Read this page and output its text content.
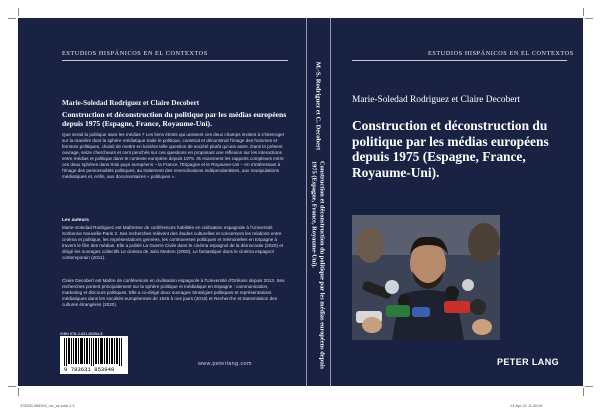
ESTUDIOS HISPÁNICOS EN EL CONTEXTOS
Marie-Soledad Rodriguez et Claire Decobert
Construction et déconstruction du politique par les médias européens depuis 1975 (Espagne, France, Royaume-Uni).
Que serait la politique sans les médias ? Les liens étroits qui unissent ces deux champs invitent à s'interroger sur la manière dont la sphère médiatique traite le politique, construit et déconstruit l'image des hommes et femmes politiques, choisit de mettre en lumière telle question de société plutôt qu'une autre. Dans le présent ouvrage, seize chercheurs et cent penchés sur ces questions en proposant une réflexion sur les interactions entre médias et politique dans le contexte européen depuis 1975. Ils examinent les rapports complexes entre ces deux sphères dans trois pays européens – la France, l'Espagne et le Royaume-Uni – en s'intéressant à l'image des personnalités politiques, au traitement des revendications indépendantistes, aux manipulations médiatiques et, enfin, aux documentaires « politiques ».
Les auteurs
Marie-Soledad Rodriguez est Maîtresse de conférences habilitée en civilisation espagnole à l'Université Sorbonne Nouvelle-Paris 3. Ses recherches relèvent des études culturelles et concernent les relations entre cinéma et politique, les représentations genrées, les controverses politiques et mémorielles en Espagne à travers le film des médias. Elle a publié La Guerre Civile dans le cinéma espagnol de la démocratie (2020) et dirigé les ouvrages collectifs Le cinéma de Julio Medem (2008), Le fantastique dans le cinéma espagnol contemporain (2011).
Claire Decobert est Maître de conférences en civilisation espagnole à l'Université d'Orléans depuis 2013. Ses recherches portent principalement sur la sphère politique et médiatique en Espagne : communication, marketing et discours politiques. Elle a co-dirigé deux ouvrages Stratégies politiques et représentations médiatiques dans les sociétés européennes de 1945 à nos jours (2018) et Recherche et transmission des cultures étrangères (2020).
ISBN 978-3-631-85394-8
9 783631 853948
www.peterlang.com
M.-S. Rodriguez et C. Decobert
Construction et déconstruction du politique par les médias européens depuis 1975 (Espagne, France, Royaume-Uni).
ESTUDIOS HISPÁNICOS EN EL CONTEXTOS
Marie-Soledad Rodriguez et Claire Decobert
Construction et déconstruction du politique par les médias européens depuis 1975 (Espagne, France, Royaume-Uni).
PETER LANG
378303-085394_cvr_ss.indd 1-3	14-Apr-21 11:30:06
